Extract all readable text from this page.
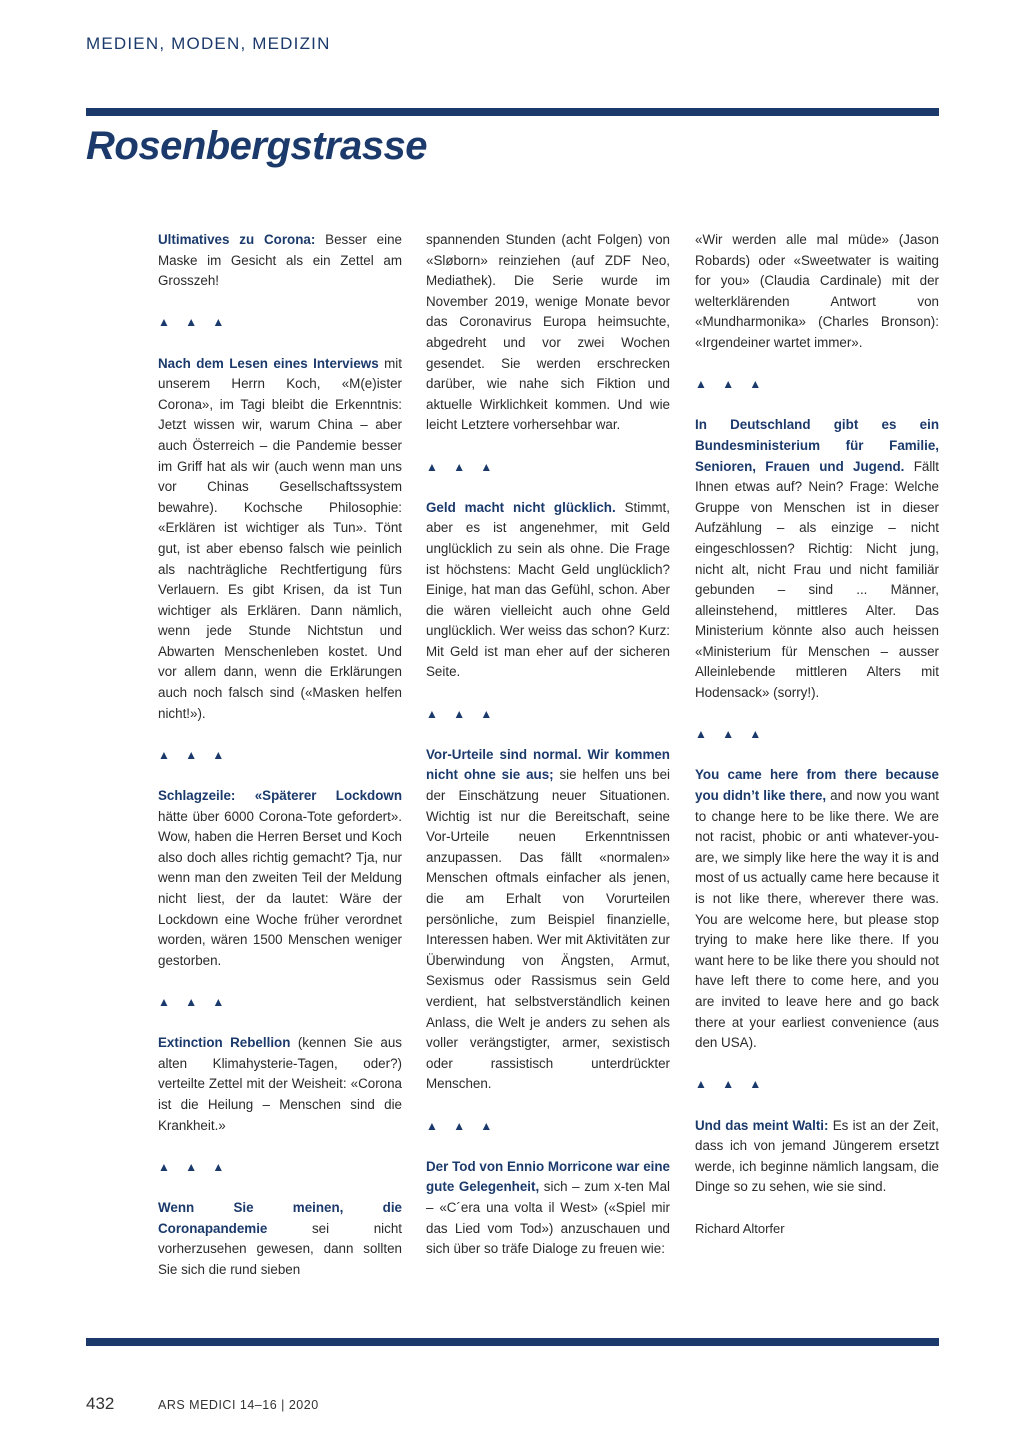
MEDIEN, MODEN, MEDIZIN
Rosenbergstrasse

Ultimatives zu Corona: Besser eine Maske im Gesicht als ein Zettel am Grosszeh!

▲ ▲ ▲

Nach dem Lesen eines Interviews mit unserem Herrn Koch, «M(e)ister Corona», im Tagi bleibt die Erkenntnis: Jetzt wissen wir, warum China – aber auch Österreich – die Pandemie besser im Griff hat als wir (auch wenn man uns vor Chinas Gesellschaftssystem bewahre). Kochsche Philosophie: «Erklären ist wichtiger als Tun». Tönt gut, ist aber ebenso falsch wie peinlich als nachträgliche Rechtfertigung fürs Verlauern. Es gibt Krisen, da ist Tun wichtiger als Erklären. Dann nämlich, wenn jede Stunde Nichtstun und Abwarten Menschenleben kostet. Und vor allem dann, wenn die Erklärungen auch noch falsch sind («Masken helfen nicht!»).

▲ ▲ ▲

Schlagzeile: «Späterer Lockdown hätte über 6000 Corona-Tote gefordert». Wow, haben die Herren Berset und Koch also doch alles richtig gemacht? Tja, nur wenn man den zweiten Teil der Meldung nicht liest, der da lautet: Wäre der Lockdown eine Woche früher verordnet worden, wären 1500 Menschen weniger gestorben.

▲ ▲ ▲

Extinction Rebellion (kennen Sie aus alten Klimahysterie-Tagen, oder?) verteilte Zettel mit der Weisheit: «Corona ist die Heilung – Menschen sind die Krankheit.»

▲ ▲ ▲

Wenn Sie meinen, die Coronapandemie sei nicht vorherzusehen gewesen, dann sollten Sie sich die rund sieben

spannenden Stunden (acht Folgen) von «Sløborn» reinziehen (auf ZDF Neo, Mediathek). Die Serie wurde im November 2019, wenige Monate bevor das Coronavirus Europa heimsuchte, abgedreht und vor zwei Wochen gesendet. Sie werden erschrecken darüber, wie nahe sich Fiktion und aktuelle Wirklichkeit kommen. Und wie leicht Letztere vorhersehbar war.

▲ ▲ ▲

Geld macht nicht glücklich. Stimmt, aber es ist angenehmer, mit Geld unglücklich zu sein als ohne. Die Frage ist höchstens: Macht Geld unglücklich? Einige, hat man das Gefühl, schon. Aber die wären vielleicht auch ohne Geld unglücklich. Wer weiss das schon? Kurz: Mit Geld ist man eher auf der sicheren Seite.

▲ ▲ ▲

Vor-Urteile sind normal. Wir kommen nicht ohne sie aus; sie helfen uns bei der Einschätzung neuer Situationen. Wichtig ist nur die Bereitschaft, seine Vor-Urteile neuen Erkenntnissen anzupassen. Das fällt «normalen» Menschen oftmals einfacher als jenen, die am Erhalt von Vorurteilen persönliche, zum Beispiel finanzielle, Interessen haben. Wer mit Aktivitäten zur Überwindung von Ängsten, Armut, Sexismus oder Rassismus sein Geld verdient, hat selbstverständlich keinen Anlass, die Welt je anders zu sehen als voller verängstigter, armer, sexistisch oder rassistisch unterdrückter Menschen.

▲ ▲ ▲

Der Tod von Ennio Morricone war eine gute Gelegenheit, sich – zum x-ten Mal – «C´era una volta il West» («Spiel mir das Lied vom Tod») anzuschauen und sich über so träfe Dialoge zu freuen wie:

«Wir werden alle mal müde» (Jason Robards) oder «Sweetwater is waiting for you» (Claudia Cardinale) mit der welterklärenden Antwort von «Mundharmonika» (Charles Bronson): «Irgendeiner wartet immer».

▲ ▲ ▲

In Deutschland gibt es ein Bundesministerium für Familie, Senioren, Frauen und Jugend. Fällt Ihnen etwas auf? Nein? Frage: Welche Gruppe von Menschen ist in dieser Aufzählung – als einzige – nicht eingeschlossen? Richtig: Nicht jung, nicht alt, nicht Frau und nicht familiär gebunden – sind ... Männer, alleinstehend, mittleres Alter. Das Ministerium könnte also auch heissen «Ministerium für Menschen – ausser Alleinlebende mittleren Alters mit Hodensack» (sorry!).

▲ ▲ ▲

You came here from there because you didn’t like there, and now you want to change here to be like there. We are not racist, phobic or anti whatever-you-are, we simply like here the way it is and most of us actually came here because it is not like there, wherever there was. You are welcome here, but please stop trying to make here like there. If you want here to be like there you should not have left there to come here, and you are invited to leave here and go back there at your earliest convenience (aus den USA).

▲ ▲ ▲

Und das meint Walti: Es ist an der Zeit, dass ich von jemand Jüngerem ersetzt werde, ich beginne nämlich langsam, die Dinge so zu sehen, wie sie sind.

Richard Altorfer

432	ARS MEDICI 14–16 | 2020
